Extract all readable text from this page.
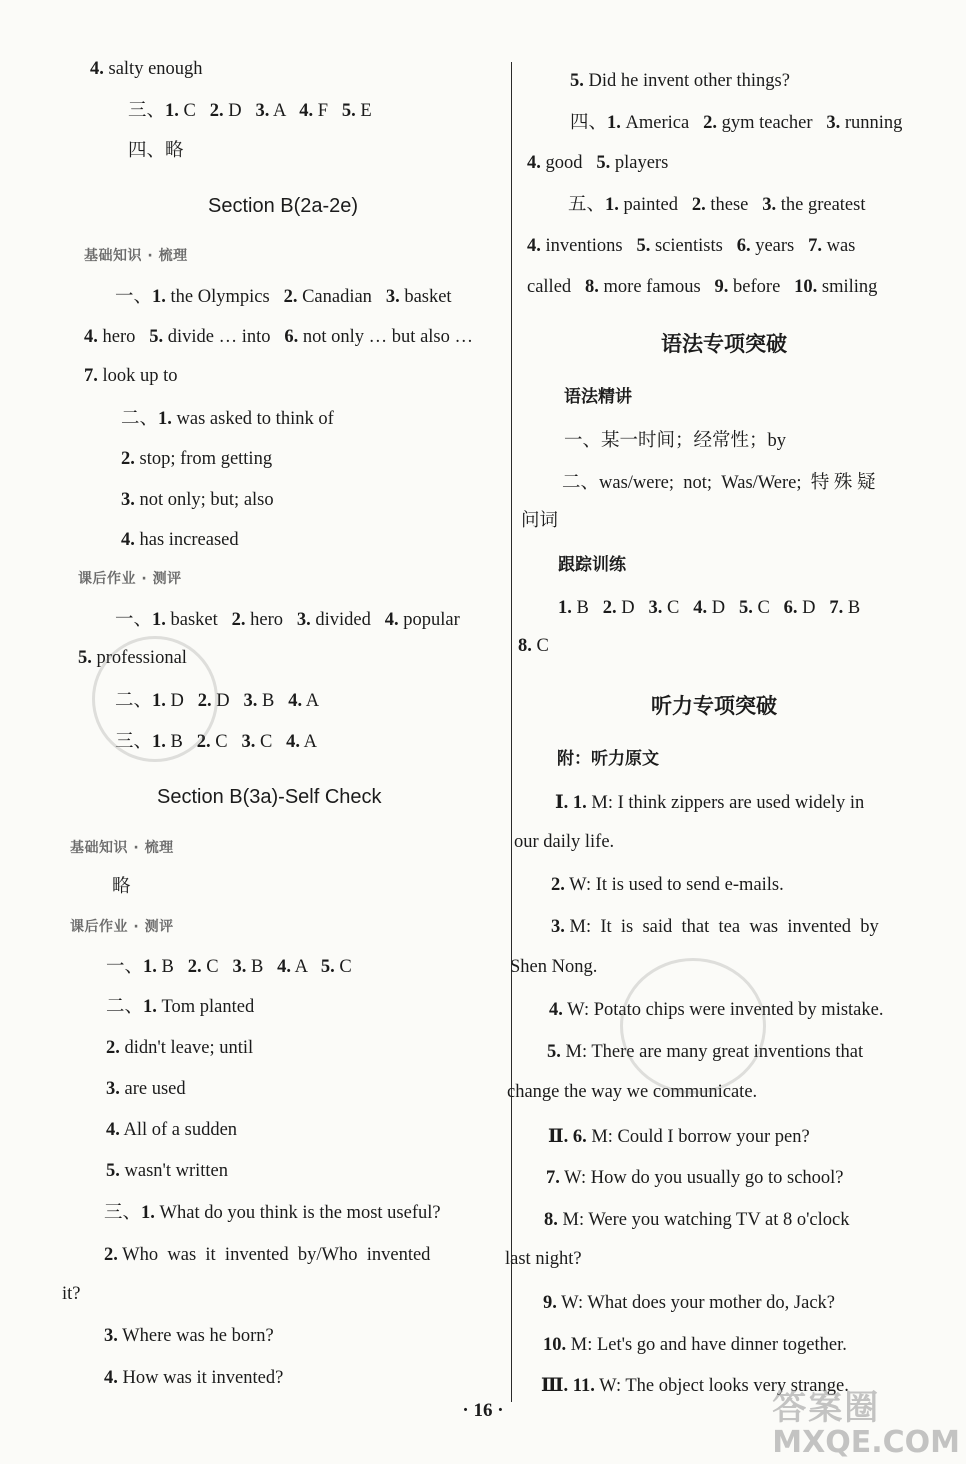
4. salty enough
三、1. C   2. D   3. A   4. F   5. E
四、略
Section B(2a-2e)
基础知识 · 梳理
一、1. the Olympics   2. Canadian   3. basket
4. hero   5. divide … into   6. not only … but also …
7. look up to
二、1. was asked to think of
2. stop; from getting
3. not only; but; also
4. has increased
课后作业 · 测评
一、1. basket   2. hero   3. divided   4. popular
5. professional
二、1. D   2. D   3. B   4. A
三、1. B   2. C   3. C   4. A
Section B(3a)-Self Check
基础知识 · 梳理
略
课后作业 · 测评
一、1. B   2. C   3. B   4. A   5. C
二、1. Tom planted
2. didn't leave; until
3. are used
4. All of a sudden
5. wasn't written
三、1. What do you think is the most useful?
2. Who  was  it  invented  by/Who  invented
it?
3. Where was he born?
4. How was it invented?
5. Did he invent other things?
四、1. America   2. gym teacher   3. running
4. good   5. players
五、1. painted   2. these   3. the greatest
4. inventions   5. scientists   6. years   7. was
called   8. more famous   9. before   10. smiling
语法专项突破
语法精讲
一、某一时间；经常性；by
二、was/were;  not;  Was/Were;  特 殊 疑
问词
跟踪训练
1. B   2. D   3. C   4. D   5. C   6. D   7. B
8. C
听力专项突破
附：听力原文
Ⅰ. 1. M: I think zippers are used widely in
our daily life.
2. W: It is used to send e-mails.
3. M:  It  is  said  that  tea  was  invented  by
Shen Nong.
4. W: Potato chips were invented by mistake.
5. M: There are many great inventions that
change the way we communicate.
Ⅱ. 6. M: Could I borrow your pen?
7. W: How do you usually go to school?
8. M: Were you watching TV at 8 o'clock
last night?
9. W: What does your mother do, Jack?
10. M: Let's go and have dinner together.
Ⅲ. 11. W: The object looks very strange.
· 16 ·	答案圈
MXQE.COM
